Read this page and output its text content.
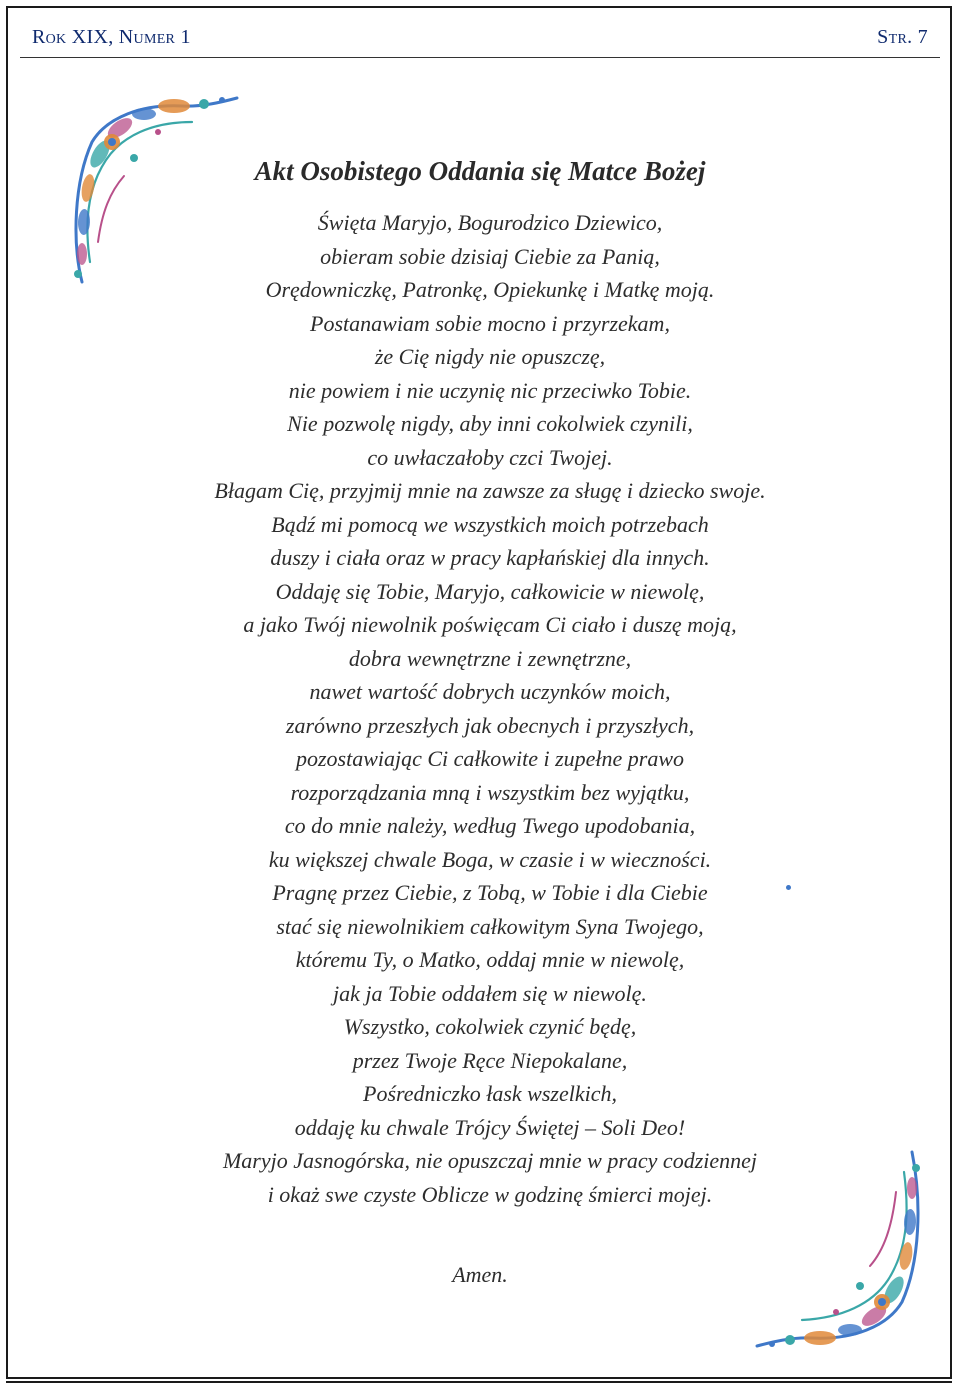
Rok XIX, Numer 1	Str. 7
Akt Osobistego Oddania się Matce Bożej
Święta Maryjo, Bogurodzico Dziewico,
obieram sobie dzisiaj Ciebie za Panią,
Orędowniczkę, Patronkę, Opiekunkę i Matkę moją.
Postanawiam sobie mocno i przyrzekam,
że Cię nigdy nie opuszczę,
nie powiem i nie uczynię nic przeciwko Tobie.
Nie pozwolę nigdy, aby inni cokolwiek czynili,
co uwłaczałoby czci Twojej.
Błagam Cię, przyjmij mnie na zawsze za sługę i dziecko swoje.
Bądź mi pomocą we wszystkich moich potrzebach
duszy i ciała oraz w pracy kapłańskiej dla innych.
Oddaję się Tobie, Maryjo, całkowicie w niewolę,
a jako Twój niewolnik poświęcam Ci ciało i duszę moją,
dobra wewnętrzne i zewnętrzne,
nawet wartość dobrych uczynków moich,
zarówno przeszłych jak obecnych i przyszłych,
pozostawiając Ci całkowite i zupełne prawo
rozporządzania mną i wszystkim bez wyjątku,
co do mnie należy, według Twego upodobania,
ku większej chwale Boga, w czasie i w wieczności.
Pragnę przez Ciebie, z Tobą, w Tobie i dla Ciebie
stać się niewolnikiem całkowitym Syna Twojego,
któremu Ty, o Matko, oddaj mnie w niewolę,
jak ja Tobie oddałem się w niewolę.
Wszystko, cokolwiek czynić będę,
przez Twoje Ręce Niepokalane,
Pośredniczko łask wszelkich,
oddaję ku chwale Trójcy Świętej – Soli Deo!
Maryjo Jasnogórska, nie opuszczaj mnie w pracy codziennej
i okaż swe czyste Oblicze w godzinę śmierci mojej.
Amen.
